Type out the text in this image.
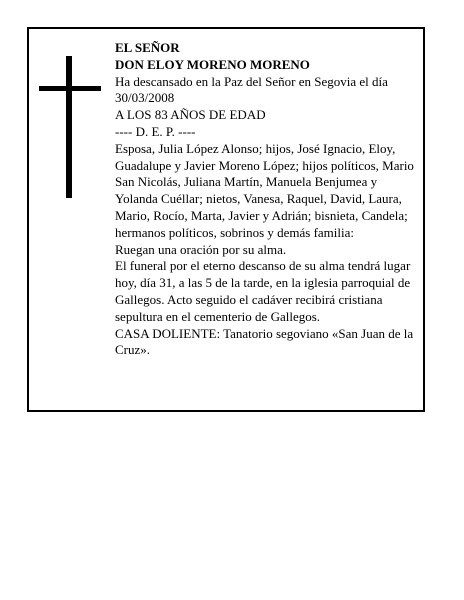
EL SEÑOR

DON ELOY MORENO MORENO

Ha descansado en la Paz del Señor en Segovia el día 30/03/2008

A LOS 83 AÑOS DE EDAD

---- D. E. P. ----

Esposa, Julia López Alonso; hijos, José Ignacio, Eloy, Guadalupe y Javier Moreno López; hijos políticos, Mario San Nicolás, Juliana Martín, Manuela Benjumea y Yolanda Cuéllar; nietos, Vanesa, Raquel, David, Laura, Mario, Rocío, Marta, Javier y Adrián; bisnieta, Candela; hermanos políticos, sobrinos y demás familia:

Ruegan una oración por su alma.

El funeral por el eterno descanso de su alma tendrá lugar hoy, día 31, a las 5 de la tarde, en la iglesia parroquial de Gallegos. Acto seguido el cadáver recibirá cristiana sepultura en el cementerio de Gallegos.

CASA DOLIENTE: Tanatorio segoviano «San Juan de la Cruz».
